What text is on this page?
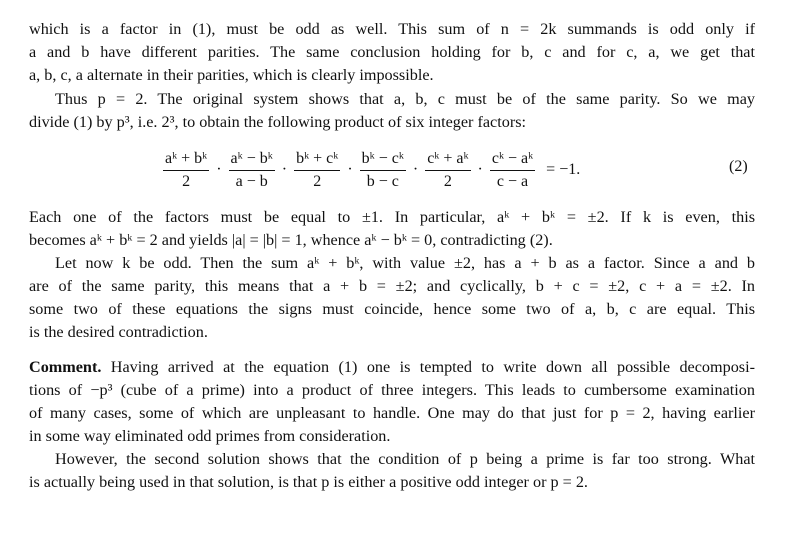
which is a factor in (1), must be odd as well. This sum of n = 2k summands is odd only if
a and b have different parities. The same conclusion holding for b, c and for c, a, we get that
a, b, c, a alternate in their parities, which is clearly impossible.
Thus p = 2. The original system shows that a, b, c must be of the same parity. So we may
divide (1) by p³, i.e. 2³, to obtain the following product of six integer factors:
$\frac{\text{aᵏ + bᵏ}}{2} \cdot \frac{\text{aᵏ − bᵏ}}{a - b} \cdot \frac{\text{bᵏ + cᵏ}}{2} \cdot \frac{\text{bᵏ − cᵏ}}{b - c} \cdot \frac{\text{cᵏ + aᵏ}}{2} \cdot \frac{\text{cᵏ − aᵏ}}{c - a} = -1$.	(2)
Each one of the factors must be equal to ±1. In particular, aᵏ + bᵏ = ±2. If k is even, this
becomes aᵏ + bᵏ = 2 and yields |a| = |b| = 1, whence aᵏ − bᵏ = 0, contradicting (2).
Let now k be odd. Then the sum aᵏ + bᵏ, with value ±2, has a + b as a factor. Since a and b
are of the same parity, this means that a + b = ±2; and cyclically, b + c = ±2, c + a = ±2. In
some two of these equations the signs must coincide, hence some two of a, b, c are equal. This
is the desired contradiction.
Comment. Having arrived at the equation (1) one is tempted to write down all possible decomposi-
tions of −p³ (cube of a prime) into a product of three integers. This leads to cumbersome examination
of many cases, some of which are unpleasant to handle. One may do that just for p = 2, having earlier
in some way eliminated odd primes from consideration.
However, the second solution shows that the condition of p being a prime is far too strong. What
is actually being used in that solution, is that p is either a positive odd integer or p = 2.
